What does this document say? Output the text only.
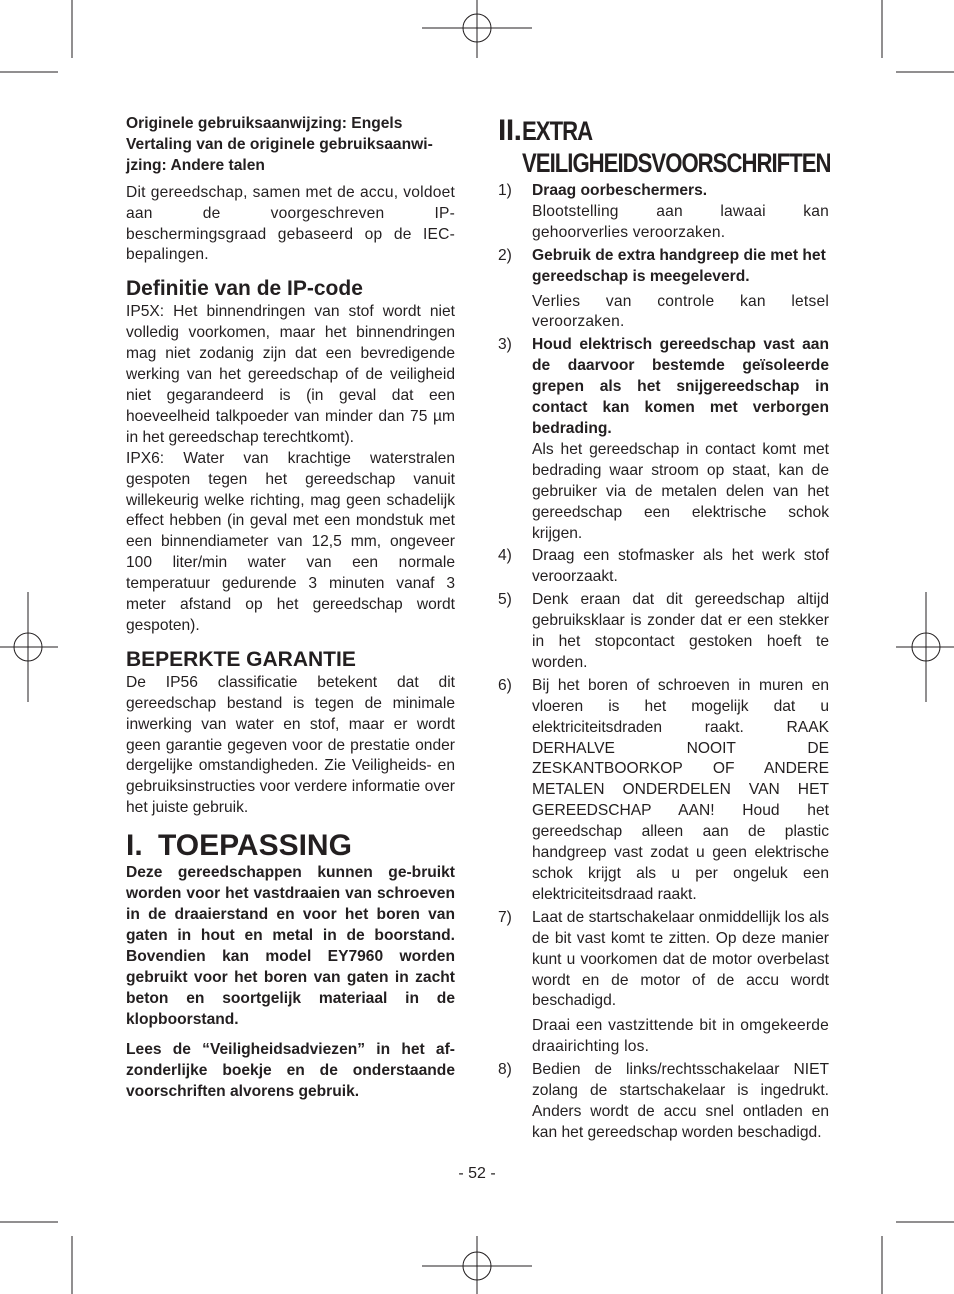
Originele gebruiksaanwijzing: Engels Vertaling van de originele gebruiksaanwi-jzing: Andere talen

Dit gereedschap, samen met de accu, voldoet aan de voorgeschreven IP-beschermingsgraad gebaseerd op de IEC-bepalingen.

Definitie van de IP-code

IP5X: Het binnendringen van stof wordt niet volledig voorkomen, maar het binnendringen mag niet zodanig zijn dat een bevredigende werking van het gereedschap of de veiligheid niet gegarandeerd is (in geval dat een hoeveelheid talkpoeder van minder dan 75 µm in het gereedschap terechtkomt).

IPX6: Water van krachtige waterstralen gespoten tegen het gereedschap vanuit willekeurig welke richting, mag geen schadelijk effect hebben (in geval met een mondstuk met een binnendiameter van 12,5 mm, ongeveer 100 liter/min water van een normale temperatuur gedurende 3 minuten vanaf 3 meter afstand op het gereedschap wordt gespoten).

BEPERKTE GARANTIE

De IP56 classificatie betekent dat dit gereedschap bestand is tegen de minimale inwerking van water en stof, maar er wordt geen garantie gegeven voor de prestatie onder dergelijke omstandigheden. Zie Veiligheids- en gebruiksinstructies voor verdere informatie over het juiste gebruik.

I. TOEPASSING

Deze gereedschappen kunnen ge-bruikt worden voor het vastdraaien van schroeven in de draaierstand en voor het boren van gaten in hout en metal in de boorstand. Bovendien kan model EY7960 worden gebruikt voor het boren van gaten in zacht beton en soortgelijk materiaal in de klopboorstand.

Lees de “Veiligheidsadviezen” in het af-zonderlijke boekje en de onderstaande voorschriften alvorens gebruik.

II. EXTRA
VEILIGHEIDSVOORSCHRIFTEN
1)	Draag oorbeschermers.

Blootstelling aan lawaai kan gehoorverlies veroorzaken.

2)	Gebruik de extra handgreep die met het gereedschap is meegeleverd.

Verlies van controle kan letsel veroorzaken.

3)	Houd elektrisch gereedschap vast aan de daarvoor bestemde geïsoleerde grepen als het snijgereedschap in contact kan komen met verborgen bedrading.

Als het gereedschap in contact komt met bedrading waar stroom op staat, kan de gebruiker via de metalen delen van het gereedschap een elektrische schok krijgen.

4)	Draag een stofmasker als het werk stof veroorzaakt.

5)	Denk eraan dat dit gereedschap altijd gebruiksklaar is zonder dat er een stekker in het stopcontact gestoken hoeft te worden.

6)	Bij het boren of schroeven in muren en vloeren is het mogelijk dat u elektriciteitsdraden raakt. RAAK DERHALVE NOOIT DE ZESKANTBOORKOP OF ANDERE METALEN ONDERDELEN VAN HET GEREEDSCHAP AAN! Houd het gereedschap alleen aan de plastic handgreep vast zodat u geen elektrische schok krijgt als u per ongeluk een elektriciteitsdraad raakt.

7)	Laat de startschakelaar onmiddellijk los als de bit vast komt te zitten. Op deze manier kunt u voorkomen dat de motor overbelast wordt en de motor of de accu wordt beschadigd.

Draai een vastzittende bit in omgekeerde draairichting los.

8)	Bedien de links/rechtsschakelaar NIET zolang de startschakelaar is ingedrukt. Anders wordt de accu snel ontladen en kan het gereedschap worden beschadigd.

- 52 -
